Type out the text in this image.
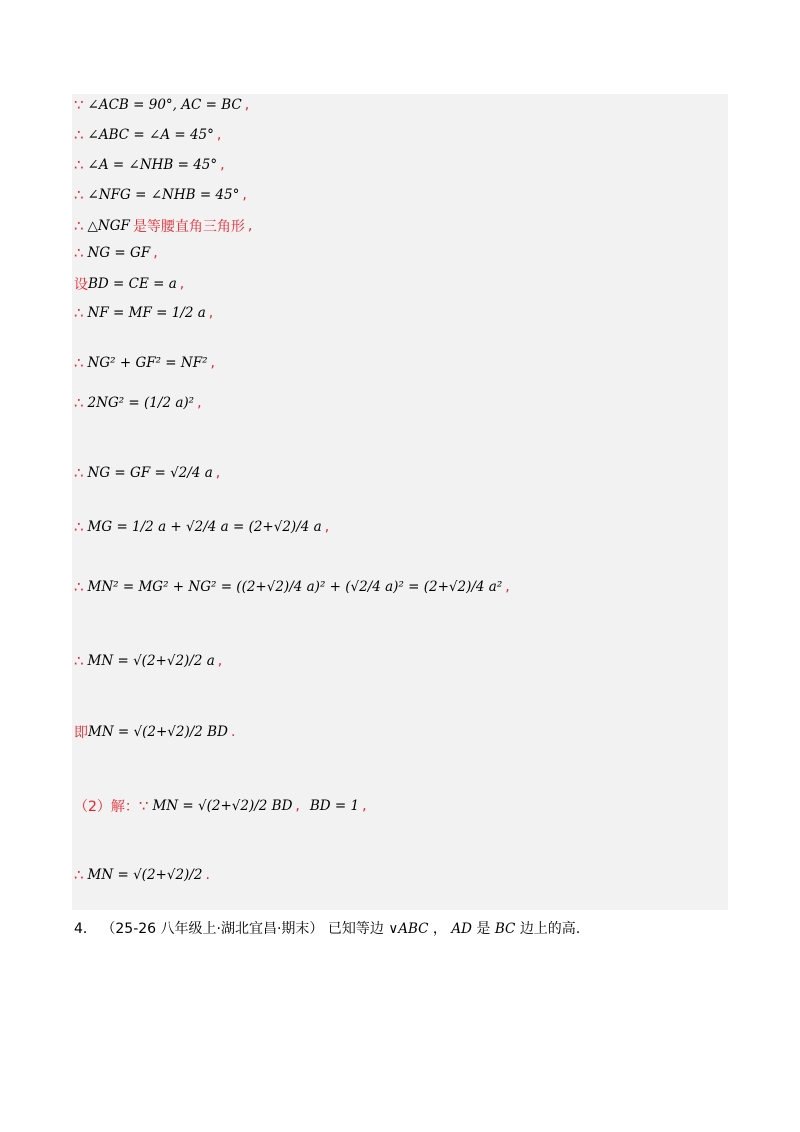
∵ ∠ACB = 90°, AC = BC ,
∴ ∠ABC = ∠A = 45° ,
∴ ∠A = ∠NHB = 45° ,
∴ ∠NFG = ∠NHB = 45° ,
∴ △NGF 是等腰直角三角形 ,
∴ NG = GF ,
设 BD = CE = a ,
∴ NF = MF = 1/2 a ,
∴ NG² + GF² = NF² ,
∴ 2NG² = (1/2 a)² ,
∴ NG = GF = √2/4 a ,
∴ MG = 1/2 a + √2/4 a = (2+√2)/4 a ,
∴ MN² = MG² + NG² = ((2+√2)/4 a)² + (√2/4 a)² = (2+√2)/4 a² ,
∴ MN = √(2+√2)/2 a ,
即 MN = √(2+√2)/2 BD .
（2）解： ∵ MN = √(2+√2)/2 BD , BD = 1 ,
∴ MN = √(2+√2)/2 .
4． （25-26 八年级上·湖北宜昌·期末） 已知等边 ∨ABC ， AD 是 BC 边上的高.
